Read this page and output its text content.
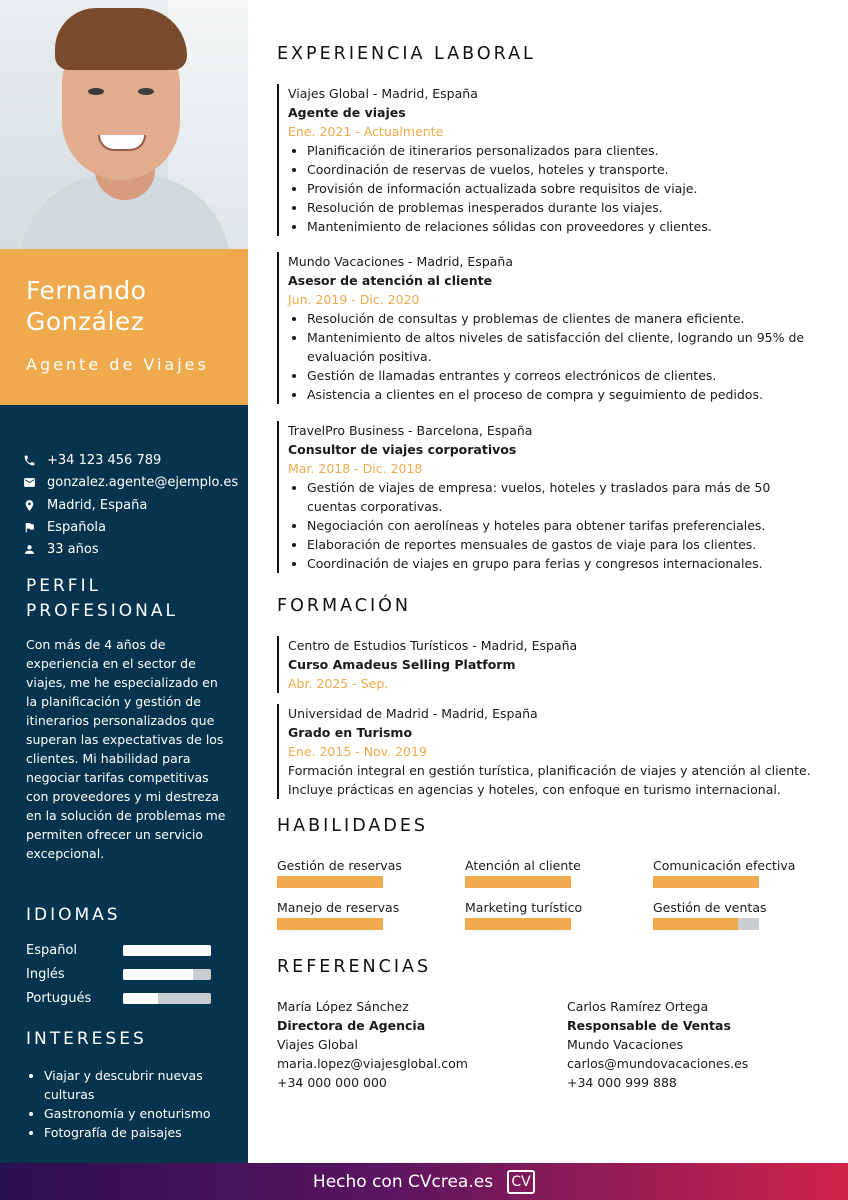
Fernando
González
Agente de Viajes
+34 123 456 789
gonzalez.agente@ejemplo.es
Madrid, España
Española
33 años
PERFIL
PROFESIONAL
Con más de 4 años de experiencia en el sector de viajes, me he especializado en la planificación y gestión de itinerarios personalizados que superan las expectativas de los clientes. Mi habilidad para negociar tarifas competitivas con proveedores y mi destreza en la solución de problemas me permiten ofrecer un servicio excepcional.
IDIOMAS
Español
Inglés
Portugués
INTERESES
• Viajar y descubrir nuevas culturas
• Gastronomía y enoturismo
• Fotografía de paisajes
EXPERIENCIA LABORAL
Viajes Global - Madrid, España
Agente de viajes
Ene. 2021 - Actualmente
• Planificación de itinerarios personalizados para clientes.
• Coordinación de reservas de vuelos, hoteles y transporte.
• Provisión de información actualizada sobre requisitos de viaje.
• Resolución de problemas inesperados durante los viajes.
• Mantenimiento de relaciones sólidas con proveedores y clientes.
Mundo Vacaciones - Madrid, España
Asesor de atención al cliente
Jun. 2019 - Dic. 2020
• Resolución de consultas y problemas de clientes de manera eficiente.
• Mantenimiento de altos niveles de satisfacción del cliente, logrando un 95% de evaluación positiva.
• Gestión de llamadas entrantes y correos electrónicos de clientes.
• Asistencia a clientes en el proceso de compra y seguimiento de pedidos.
TravelPro Business - Barcelona, España
Consultor de viajes corporativos
Mar. 2018 - Dic. 2018
• Gestión de viajes de empresa: vuelos, hoteles y traslados para más de 50 cuentas corporativas.
• Negociación con aerolíneas y hoteles para obtener tarifas preferenciales.
• Elaboración de reportes mensuales de gastos de viaje para los clientes.
• Coordinación de viajes en grupo para ferias y congresos internacionales.
FORMACIÓN
Centro de Estudios Turísticos - Madrid, España
Curso Amadeus Selling Platform
Abr. 2025 - Sep.
Universidad de Madrid - Madrid, España
Grado en Turismo
Ene. 2015 - Nov. 2019
Formación integral en gestión turística, planificación de viajes y atención al cliente. Incluye prácticas en agencias y hoteles, con enfoque en turismo internacional.
HABILIDADES
Gestión de reservas	Atención al cliente	Comunicación efectiva
Manejo de reservas	Marketing turístico	Gestión de ventas
REFERENCIAS
María López Sánchez
Directora de Agencia
Viajes Global
maria.lopez@viajesglobal.com
+34 000 000 000
Carlos Ramírez Ortega
Responsable de Ventas
Mundo Vacaciones
carlos@mundovacaciones.es
+34 000 999 888
Hecho con CVcrea.es	CV
